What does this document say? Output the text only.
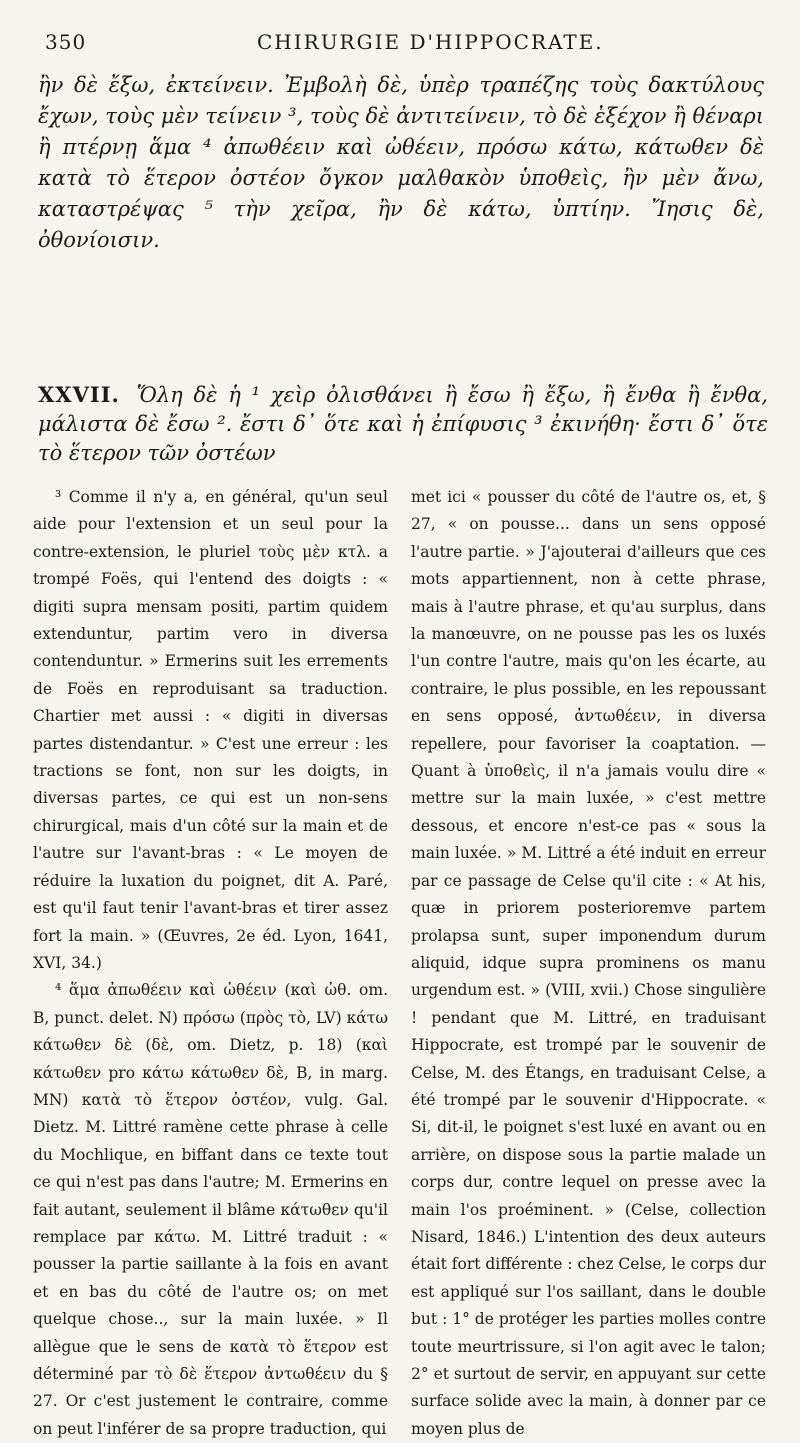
350	CHIRURGIE D'HIPPOCRATE.

ἢν δὲ ἔξω, ἐκτείνειν. Ἐμβολὴ δὲ, ὑπὲρ τραπέζης τοὺς δακτύλους ἔχων, τοὺς μὲν τείνειν ³, τοὺς δὲ ἀντιτείνειν, τὸ δὲ ἐξέχον ἢ θέναρι ἢ πτέρνῃ ἅμα ⁴ ἀπωθέειν καὶ ὠθέειν, πρόσω κάτω, κάτωθεν δὲ κατὰ τὸ ἕτερον ὀστέον ὄγκον μαλθακὸν ὑποθεὶς, ἢν μὲν ἄνω, καταστρέψας ⁵ τὴν χεῖρα, ἢν δὲ κάτω, ὑπτίην. Ἴησις δὲ, ὀθονίοισιν.

XXVII. Ὅλη δὲ ἡ ¹ χεὶρ ὀλισθάνει ἢ ἔσω ἢ ἔξω, ἢ ἔνθα ἢ ἔνθα, μάλιστα δὲ ἔσω ². ἔστι δ᾽ ὅτε καὶ ἡ ἐπίφυσις ³ ἐκινήθη· ἔστι δ᾽ ὅτε τὸ ἕτερον τῶν ὀστέων

³ Comme il n'y a, en général, qu'un seul aide pour l'extension et un seul pour la contre-extension, le pluriel τοὺς μὲν κτλ. a trompé Foës, qui l'entend des doigts : « digiti supra mensam positi, partim quidem extenduntur, partim vero in diversa contenduntur. » Ermerins suit les errements de Foës en reproduisant sa traduction. Chartier met aussi : « digiti in diversas partes distendantur. » C'est une erreur : les tractions se font, non sur les doigts, in diversas partes, ce qui est un non-sens chirurgical, mais d'un côté sur la main et de l'autre sur l'avant-bras : « Le moyen de réduire la luxation du poignet, dit A. Paré, est qu'il faut tenir l'avant-bras et tirer assez fort la main. » (Œuvres, 2e éd. Lyon, 1641, XVI, 34.)

⁴ ἅμα ἀπωθέειν καὶ ὠθέειν (καὶ ὠθ. om. B, punct. delet. N) πρόσω (πρὸς τὸ, LV) κάτω κάτωθεν δὲ (δὲ, om. Dietz, p. 18) (καὶ κάτωθεν pro κάτω κάτωθεν δὲ, B, in marg. MN) κατὰ τὸ ἕτερον ὀστέον, vulg. Gal. Dietz. M. Littré ramène cette phrase à celle du Mochlique, en biffant dans ce texte tout ce qui n'est pas dans l'autre; M. Ermerins en fait autant, seulement il blâme κάτωθεν qu'il remplace par κάτω. M. Littré traduit : « pousser la partie saillante à la fois en avant et en bas du côté de l'autre os; on met quelque chose.., sur la main luxée. » Il allègue que le sens de κατὰ τὸ ἕτερον est déterminé par τὸ δὲ ἕτερον ἀντωθέειν du § 27. Or c'est justement le contraire, comme on peut l'inférer de sa propre traduction, qui

met ici « pousser du côté de l'autre os, et, § 27, « on pousse... dans un sens opposé l'autre partie. » J'ajouterai d'ailleurs que ces mots appartiennent, non à cette phrase, mais à l'autre phrase, et qu'au surplus, dans la manœuvre, on ne pousse pas les os luxés l'un contre l'autre, mais qu'on les écarte, au contraire, le plus possible, en les repoussant en sens opposé, ἀντωθέειν, in diversa repellere, pour favoriser la coaptation. — Quant à ὑποθεὶς, il n'a jamais voulu dire « mettre sur la main luxée, » c'est mettre dessous, et encore n'est-ce pas « sous la main luxée. » M. Littré a été induit en erreur par ce passage de Celse qu'il cite : « At his, quæ in priorem posterioremve partem prolapsa sunt, super imponendum durum aliquid, idque supra prominens os manu urgendum est. » (VIII, xvii.) Chose singulière ! pendant que M. Littré, en traduisant Hippocrate, est trompé par le souvenir de Celse, M. des Étangs, en traduisant Celse, a été trompé par le souvenir d'Hippocrate. « Si, dit-il, le poignet s'est luxé en avant ou en arrière, on dispose sous la partie malade un corps dur, contre lequel on presse avec la main l'os proéminent. » (Celse, collection Nisard, 1846.) L'intention des deux auteurs était fort différente : chez Celse, le corps dur est appliqué sur l'os saillant, dans le double but : 1° de protéger les parties molles contre toute meurtrissure, si l'on agit avec le talon; 2° et surtout de servir, en appuyant sur cette surface solide avec la main, à donner par ce moyen plus de
